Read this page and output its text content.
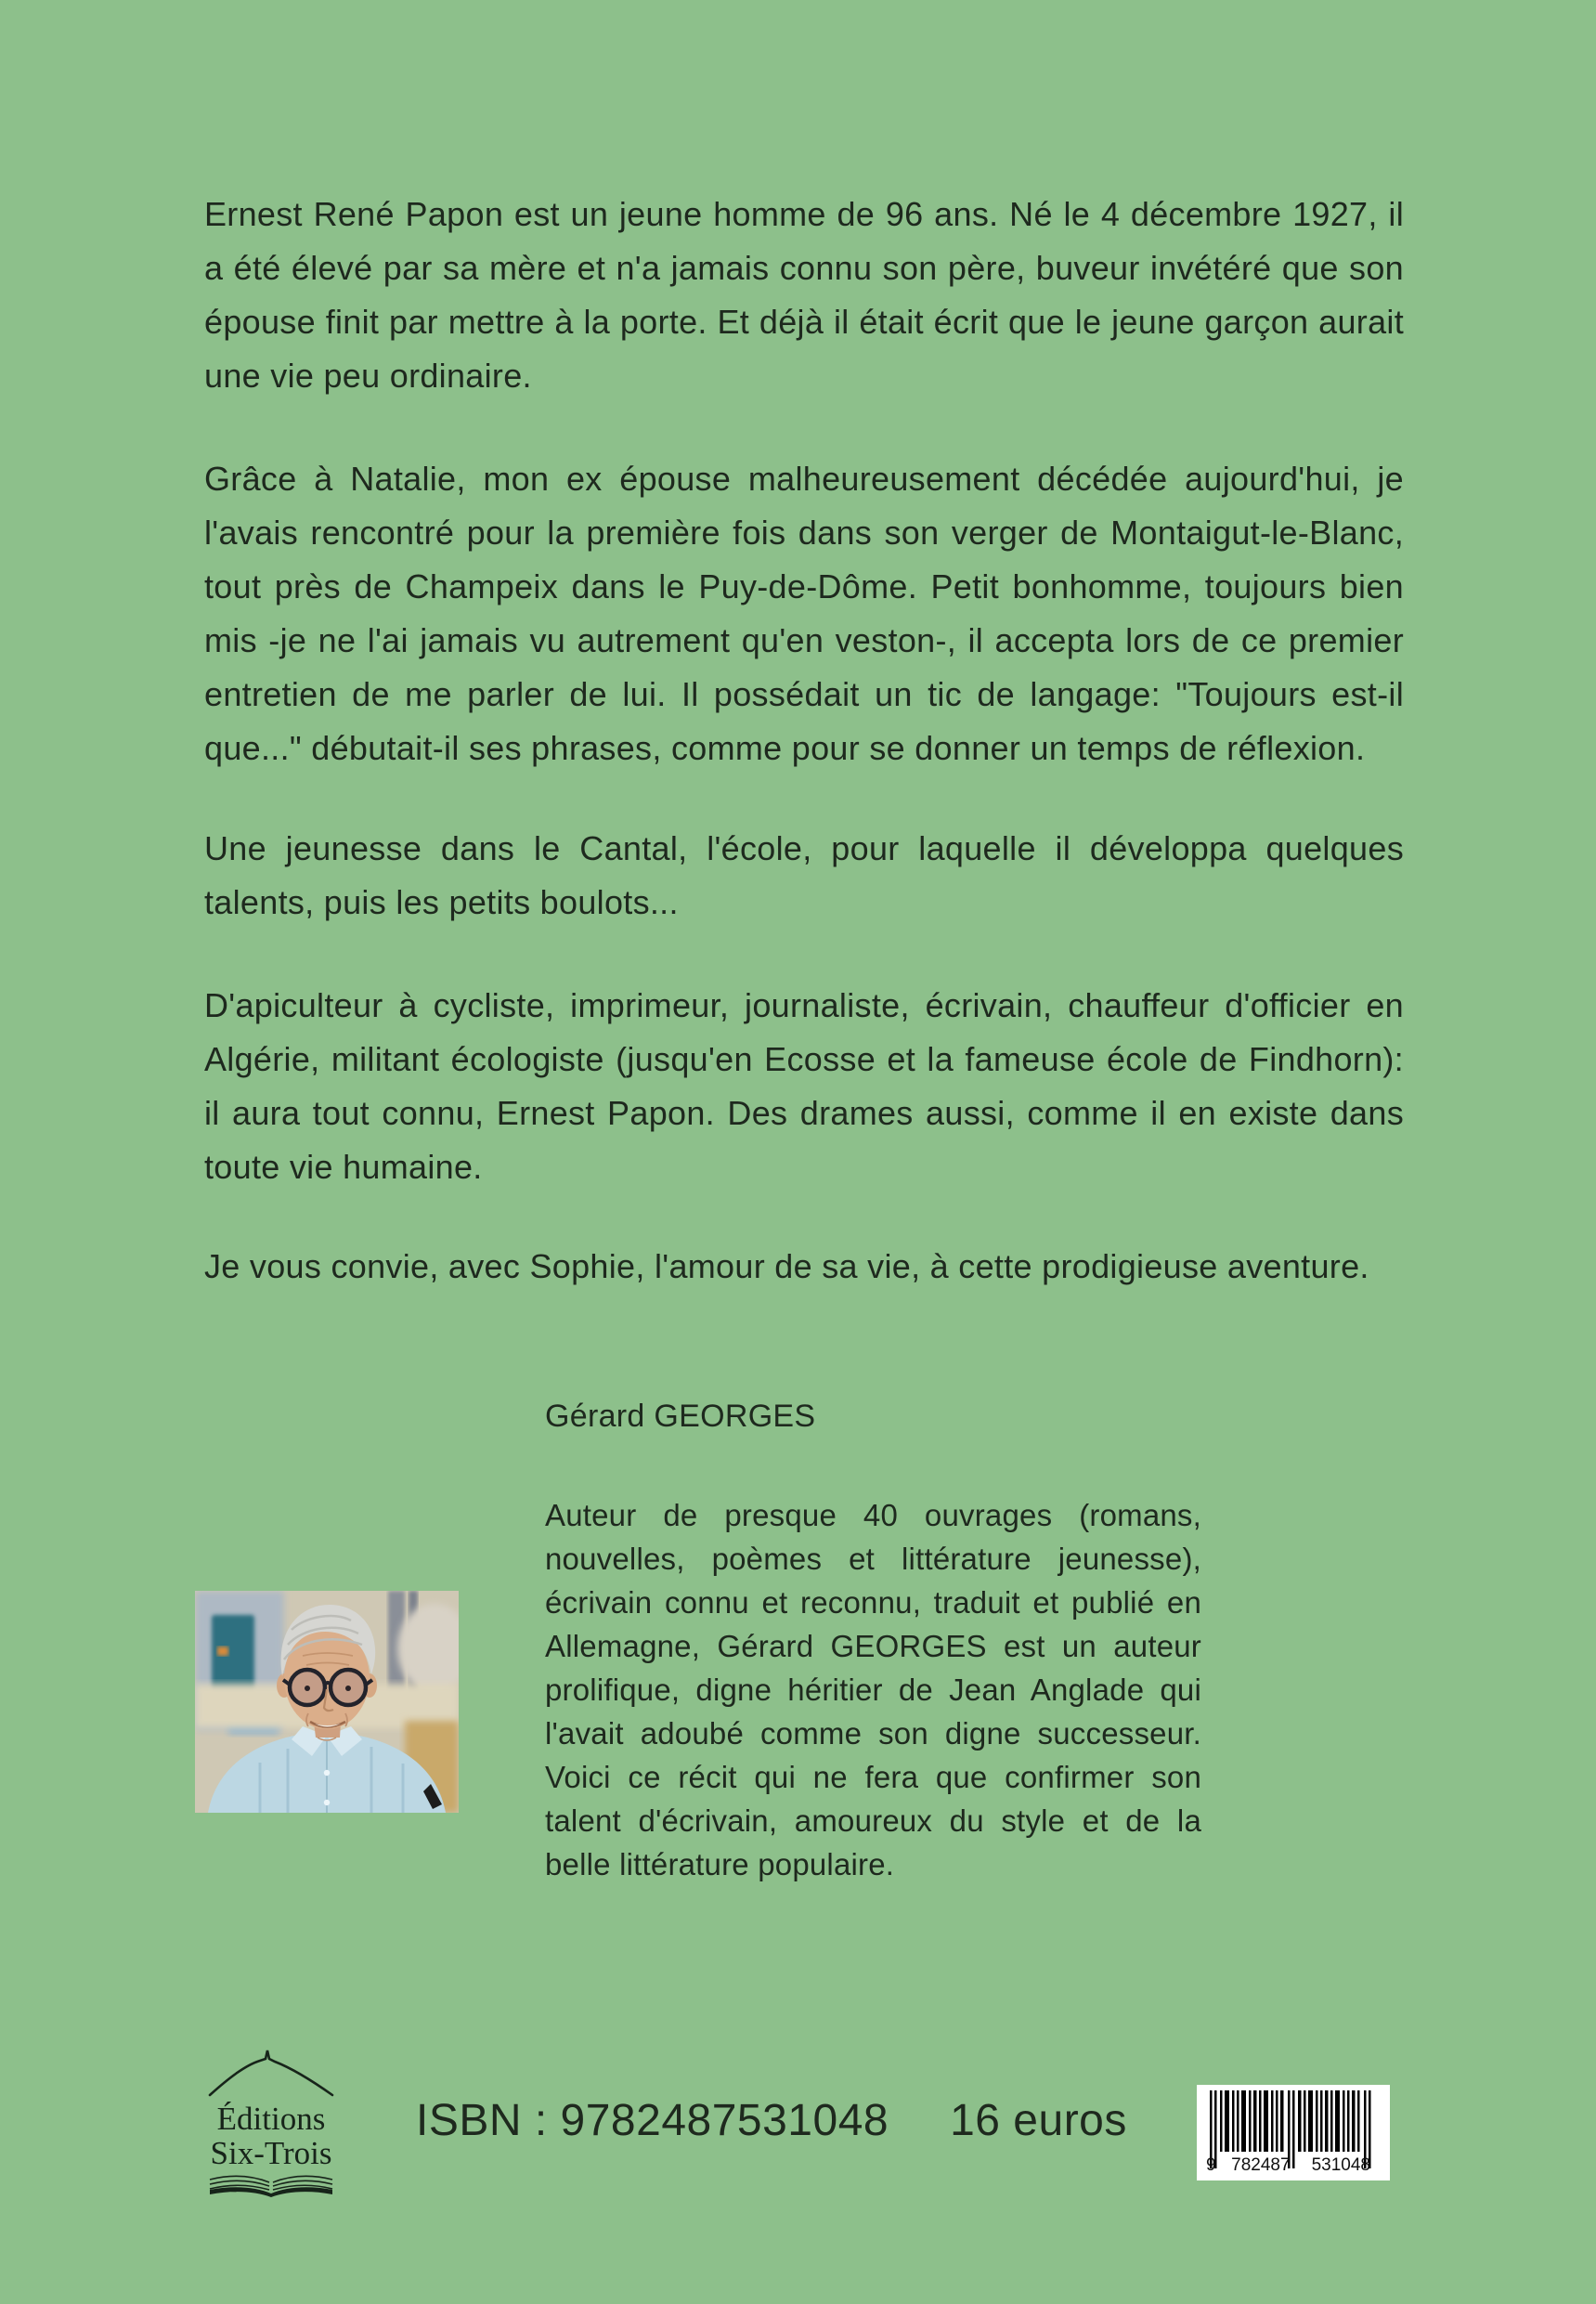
Ernest René Papon est un jeune homme de 96 ans. Né le 4 décembre 1927, il a été élevé par sa mère et n'a jamais connu son père, buveur invétéré que son épouse finit par mettre à la porte. Et déjà il était écrit que le jeune garçon aurait une vie peu ordinaire.
Grâce à Natalie, mon ex épouse malheureusement décédée aujourd'hui, je l'avais rencontré pour la première fois dans son verger de Montaigut-le-Blanc, tout près de Champeix dans le Puy-de-Dôme. Petit bonhomme, toujours bien mis -je ne l'ai jamais vu autrement qu'en veston-, il accepta lors de ce premier entretien de me parler de lui. Il possédait un tic de langage: "Toujours est-il que..." débutait-il ses phrases, comme pour se donner un temps de réflexion.
Une jeunesse dans le Cantal, l'école, pour laquelle il développa quelques talents, puis les petits boulots...
D'apiculteur à cycliste, imprimeur, journaliste, écrivain, chauffeur d'officier en Algérie, militant écologiste (jusqu'en Ecosse et la fameuse école de Findhorn): il aura tout connu, Ernest Papon. Des drames aussi, comme il en existe dans toute vie humaine.
Je vous convie, avec Sophie, l'amour de sa vie, à cette prodigieuse aventure.
Gérard GEORGES
Auteur de presque 40 ouvrages (romans, nouvelles, poèmes et littérature jeunesse), écrivain connu et reconnu, traduit et publié en Allemagne, Gérard GEORGES est un auteur prolifique, digne héritier de Jean Anglade qui l'avait adoubé comme son digne successeur. Voici ce récit qui ne fera que confirmer son talent d'écrivain, amoureux du style et de la belle littérature populaire.
Éditions
Six-Trois
ISBN : 9782487531048 16 euros
9 782487	531048
